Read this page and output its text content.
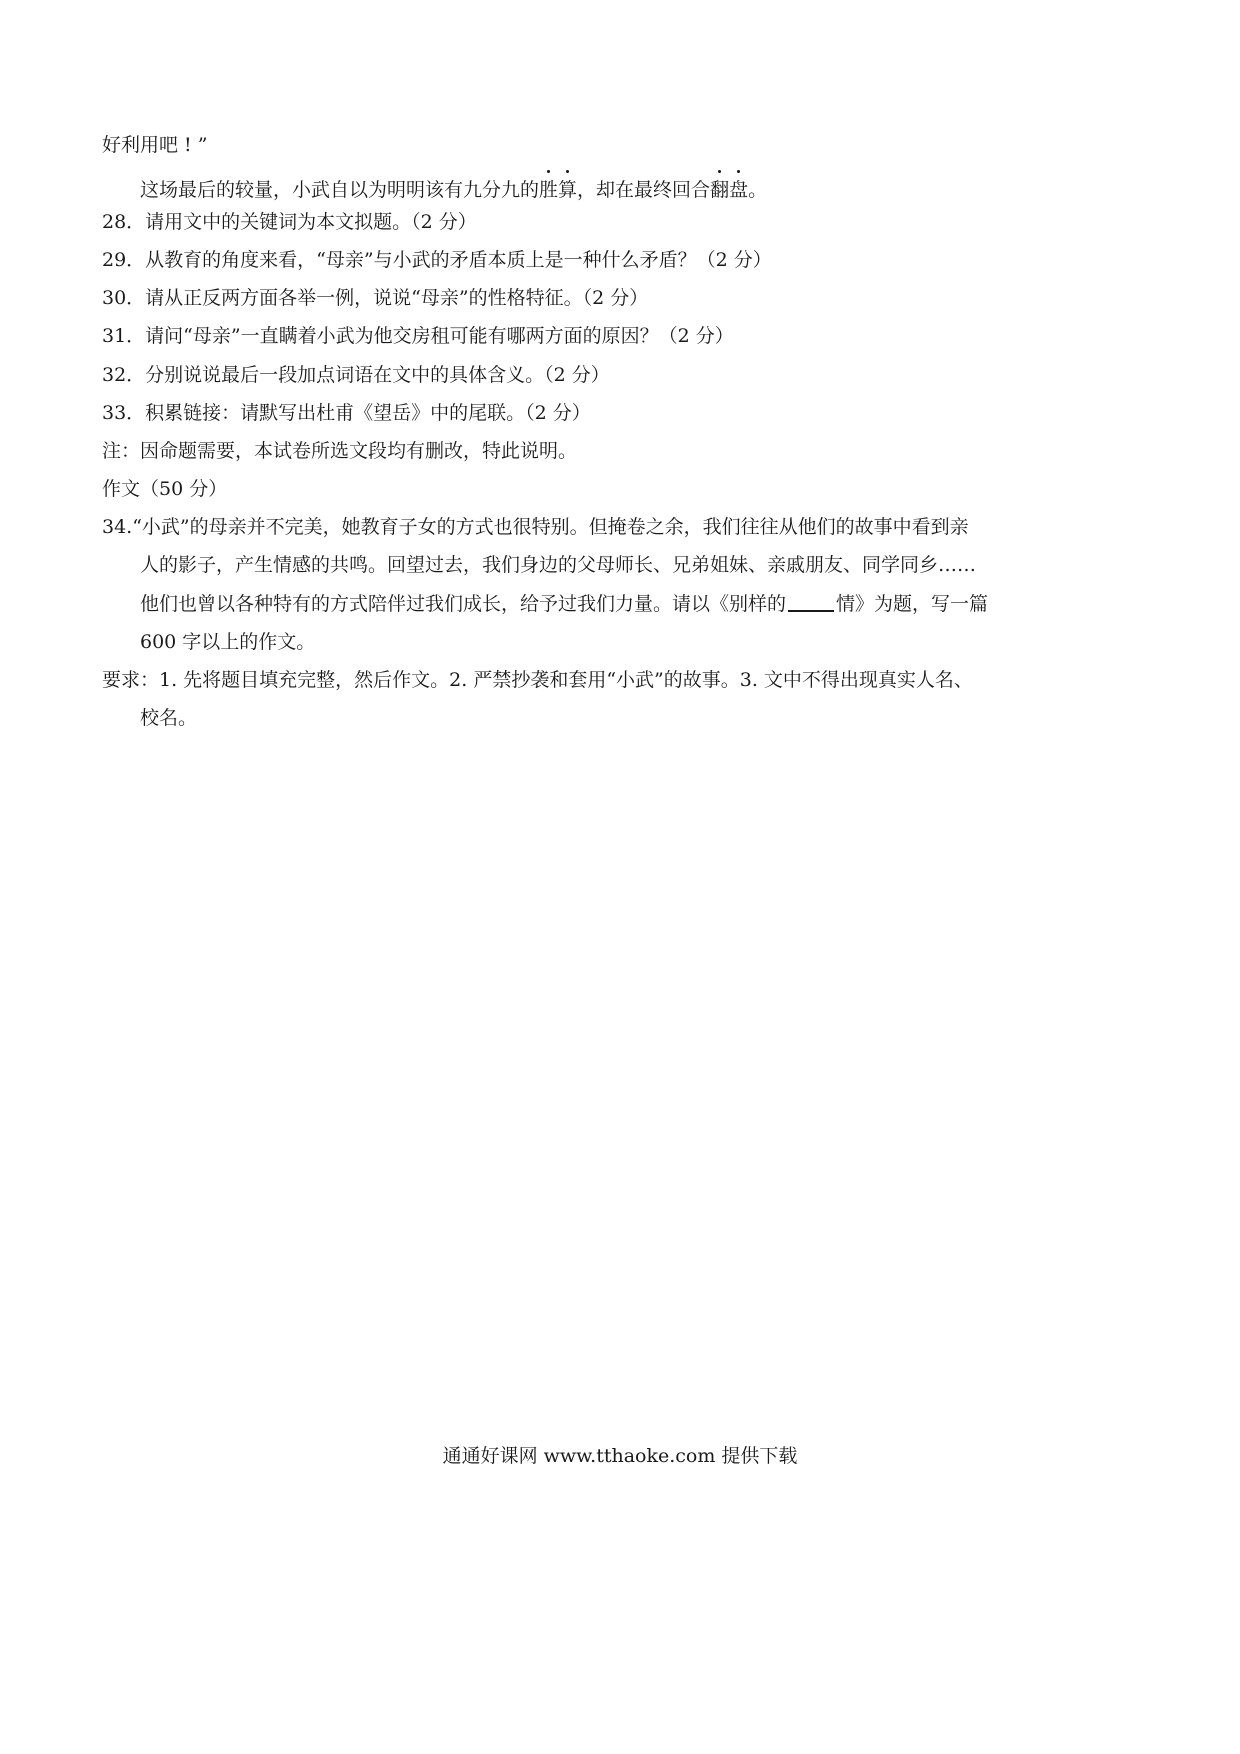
好利用吧 ! ”
这场最后的较量，小武自以为明明该有九分九的胜算，却在最终回合翻盘。
28．请用文中的关键词为本文拟题。（2 分）
29．从教育的角度来看，“母亲”与小武的矛盾本质上是一种什么矛盾？（2 分）
30．请从正反两方面各举一例，说说“母亲”的性格特征。（2 分）
31．请问“母亲”一直瞒着小武为他交房租可能有哪两方面的原因？（2 分）
32．分别说说最后一段加点词语在文中的具体含义。（2 分）
33．积累链接：请默写出杜甫《望岳》中的尾联。（2 分）
注：因命题需要，本试卷所选文段均有删改，特此说明。
作文（50 分）
34.“小武”的母亲并不完美，她教育子女的方式也很特别。但掩卷之余，我们往往从他们的故事中看到亲
人的影子，产生情感的共鸣。回望过去，我们身边的父母师长、兄弟姐妹、亲戚朋友、同学同乡……
他们也曾以各种特有的方式陪伴过我们成长，给予过我们力量。请以《别样的	情》为题，写一篇
600 字以上的作文。
要求：1. 先将题目填充完整，然后作文。2. 严禁抄袭和套用“小武”的故事。3. 文中不得出现真实人名、
校名。
通通好课网 www.tthaoke.com 提供下载
